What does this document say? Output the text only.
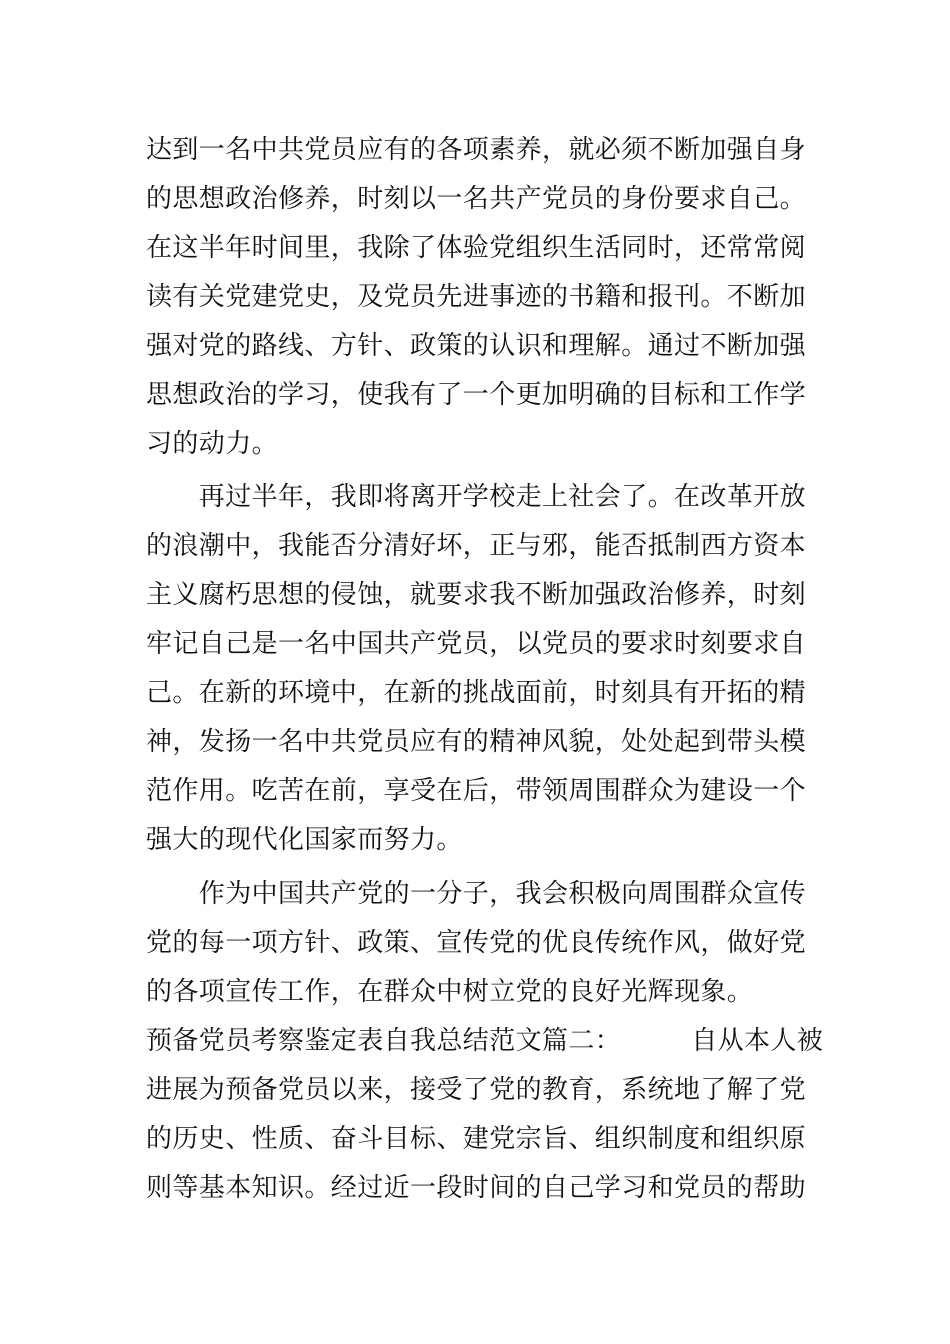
达到一名中共党员应有的各项素养，就必须不断加强自身
的思想政治修养，时刻以一名共产党员的身份要求自己。
在这半年时间里，我除了体验党组织生活同时，还常常阅
读有关党建党史，及党员先进事迹的书籍和报刊。不断加
强对党的路线、方针、政策的认识和理解。通过不断加强
思想政治的学习，使我有了一个更加明确的目标和工作学
习的动力。
　　再过半年，我即将离开学校走上社会了。在改革开放
的浪潮中，我能否分清好坏，正与邪，能否抵制西方资本
主义腐朽思想的侵蚀，就要求我不断加强政治修养，时刻
牢记自己是一名中国共产党员，以党员的要求时刻要求自
己。在新的环境中，在新的挑战面前，时刻具有开拓的精
神，发扬一名中共党员应有的精神风貌，处处起到带头模
范作用。吃苦在前，享受在后，带领周围群众为建设一个
强大的现代化国家而努力。
　　作为中国共产党的一分子，我会积极向周围群众宣传
党的每一项方针、政策、宣传党的优良传统作风，做好党
的各项宣传工作，在群众中树立党的良好光辉现象。
预备党员考察鉴定表自我总结范文篇二：	自从本人被
进展为预备党员以来，接受了党的教育，系统地了解了党
的历史、性质、奋斗目标、建党宗旨、组织制度和组织原
则等基本知识。经过近一段时间的自己学习和党员的帮助
